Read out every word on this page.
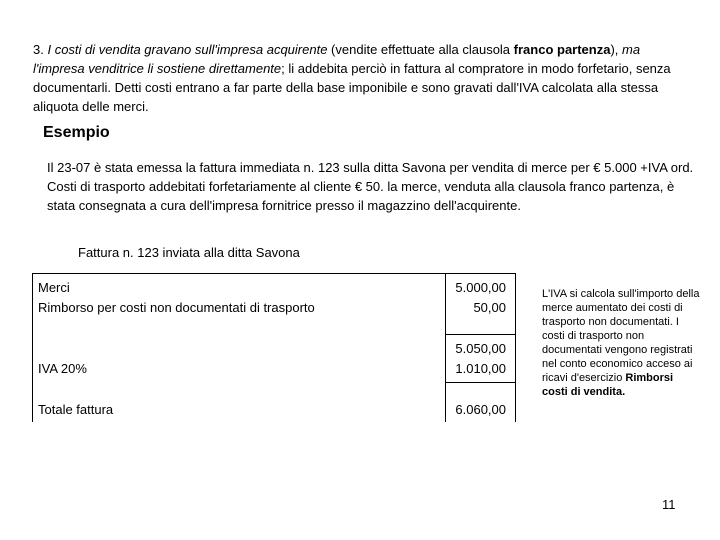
3. I costi di vendita gravano sull'impresa acquirente (vendite effettuate alla clausola franco partenza), ma l'impresa venditrice li sostiene direttamente; li addebita perciò in fattura al compratore in modo forfetario, senza documentarli. Detti costi entrano a far parte della base imponibile e sono gravati dall'IVA calcolata alla stessa aliquota delle merci.
Esempio
Il 23-07 è stata emessa la fattura immediata n. 123 sulla ditta Savona per vendita di merce per € 5.000 +IVA ord. Costi di trasporto addebitati forfetariamente al cliente € 50. la merce, venduta alla clausola franco partenza, è stata consegnata a cura dell'impresa fornitrice presso il magazzino dell'acquirente.
Fattura n. 123 inviata alla ditta Savona
Merci
Rimborso per costi non documentati di trasporto
IVA 20%
Totale fattura
5.000,00
50,00
5.050,00
1.010,00
6.060,00
L'IVA si calcola sull'importo della merce aumentato dei costi di trasporto non documentati. I costi di trasporto non documentati vengono registrati nel conto economico acceso ai ricavi d'esercizio Rimborsi costi di vendita.
11
